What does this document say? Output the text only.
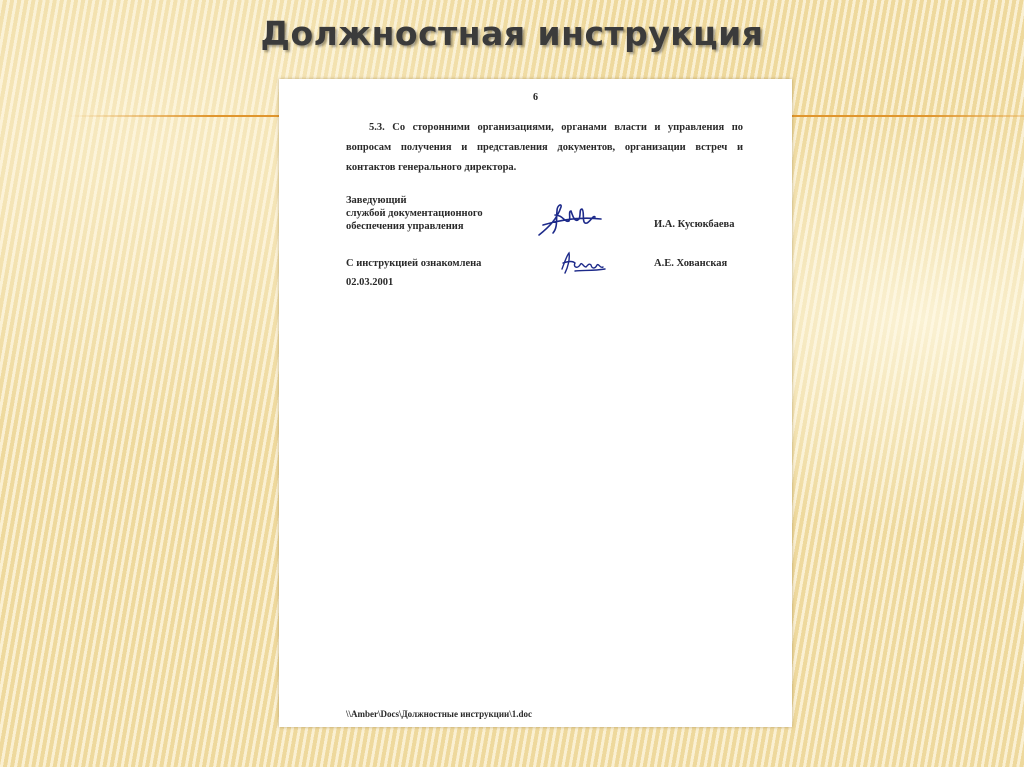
Должностная инструкция
6

5.3. Со сторонними организациями, органами власти и управления по вопросам получения и представления документов, организации встреч и контактов генерального директора.

Заведующий
службой документационного
обеспечения управления	И.А. Кусюкбаева
С инструкцией ознакомлена	А.Е. Хованская
02.03.2001
\\Amber\Docs\Должностные инструкции\1.doc
